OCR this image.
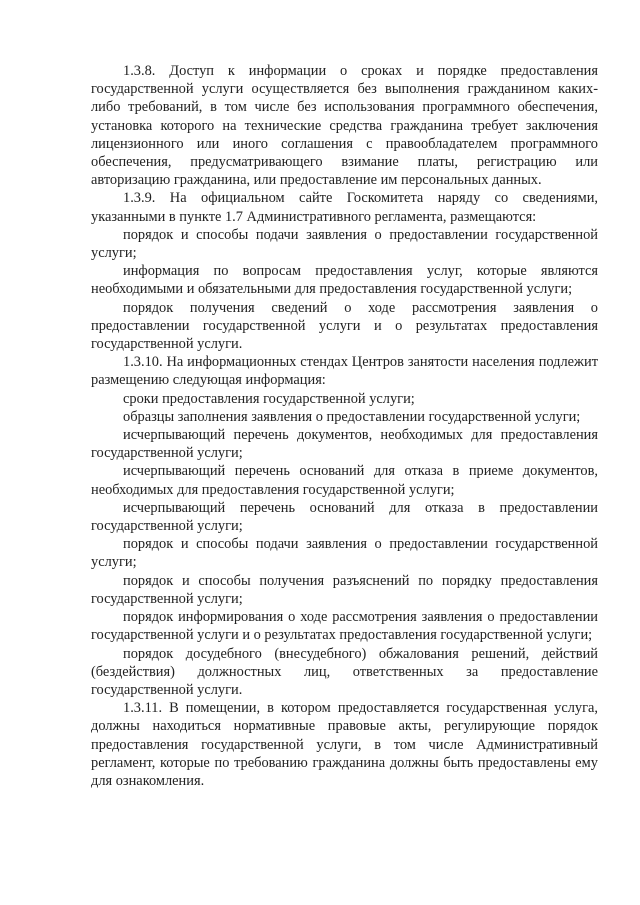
1.3.8. Доступ к информации о сроках и порядке предоставления государственной услуги осуществляется без выполнения гражданином каких-либо требований, в том числе без использования программного обеспечения, установка которого на технические средства гражданина требует заключения лицензионного или иного соглашения с правообладателем программного обеспечения, предусматривающего взимание платы, регистрацию или авторизацию гражданина, или предоставление им персональных данных.

1.3.9. На официальном сайте Госкомитета наряду со сведениями, указанными в пункте 1.7 Административного регламента, размещаются:

порядок и способы подачи заявления о предоставлении государственной услуги;

информация по вопросам предоставления услуг, которые являются необходимыми и обязательными для предоставления государственной услуги;

порядок получения сведений о ходе рассмотрения заявления о предоставлении государственной услуги и о результатах предоставления государственной услуги.

1.3.10. На информационных стендах Центров занятости населения подлежит размещению следующая информация:

сроки предоставления государственной услуги;

образцы заполнения заявления о предоставлении государственной услуги;

исчерпывающий перечень документов, необходимых для предоставления государственной услуги;

исчерпывающий перечень оснований для отказа в приеме документов, необходимых для предоставления государственной услуги;

исчерпывающий перечень оснований для отказа в предоставлении государственной услуги;

порядок и способы подачи заявления о предоставлении государственной услуги;

порядок и способы получения разъяснений по порядку предоставления государственной услуги;

порядок информирования о ходе рассмотрения заявления о предоставлении государственной услуги и о результатах предоставления государственной услуги;

порядок досудебного (внесудебного) обжалования решений, действий (бездействия) должностных лиц, ответственных за предоставление государственной услуги.

1.3.11. В помещении, в котором предоставляется государственная услуга, должны находиться нормативные правовые акты, регулирующие порядок предоставления государственной услуги, в том числе Административный регламент, которые по требованию гражданина должны быть предоставлены ему для ознакомления.
